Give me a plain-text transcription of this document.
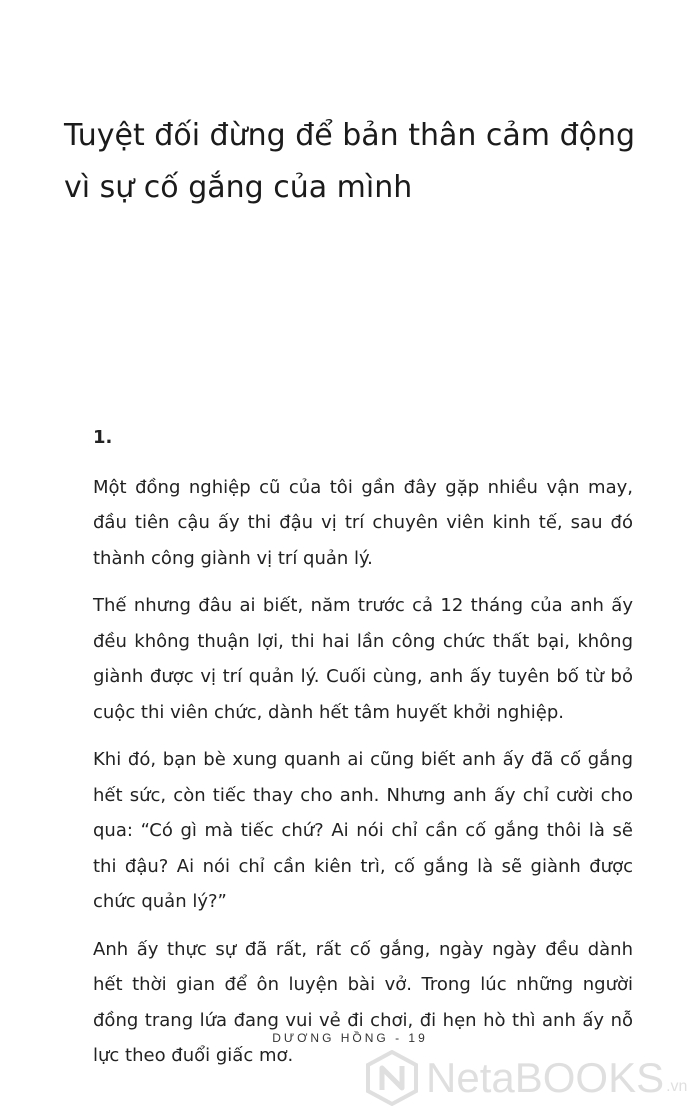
Tuyệt đối đừng để bản thân cảm động vì sự cố gắng của mình

1.

Một đồng nghiệp cũ của tôi gần đây gặp nhiều vận may, đầu tiên cậu ấy thi đậu vị trí chuyên viên kinh tế, sau đó thành công giành vị trí quản lý.

Thế nhưng đâu ai biết, năm trước cả 12 tháng của anh ấy đều không thuận lợi, thi hai lần công chức thất bại, không giành được vị trí quản lý. Cuối cùng, anh ấy tuyên bố từ bỏ cuộc thi viên chức, dành hết tâm huyết khởi nghiệp.

Khi đó, bạn bè xung quanh ai cũng biết anh ấy đã cố gắng hết sức, còn tiếc thay cho anh. Nhưng anh ấy chỉ cười cho qua: “Có gì mà tiếc chứ? Ai nói chỉ cần cố gắng thôi là sẽ thi đậu? Ai nói chỉ cần kiên trì, cố gắng là sẽ giành được chức quản lý?”

Anh ấy thực sự đã rất, rất cố gắng, ngày ngày đều dành hết thời gian để ôn luyện bài vở. Trong lúc những người đồng trang lứa đang vui vẻ đi chơi, đi hẹn hò thì anh ấy nỗ lực theo đuổi giấc mơ.

DƯƠNG HỒNG - 19
NetaBOOKS .vn
